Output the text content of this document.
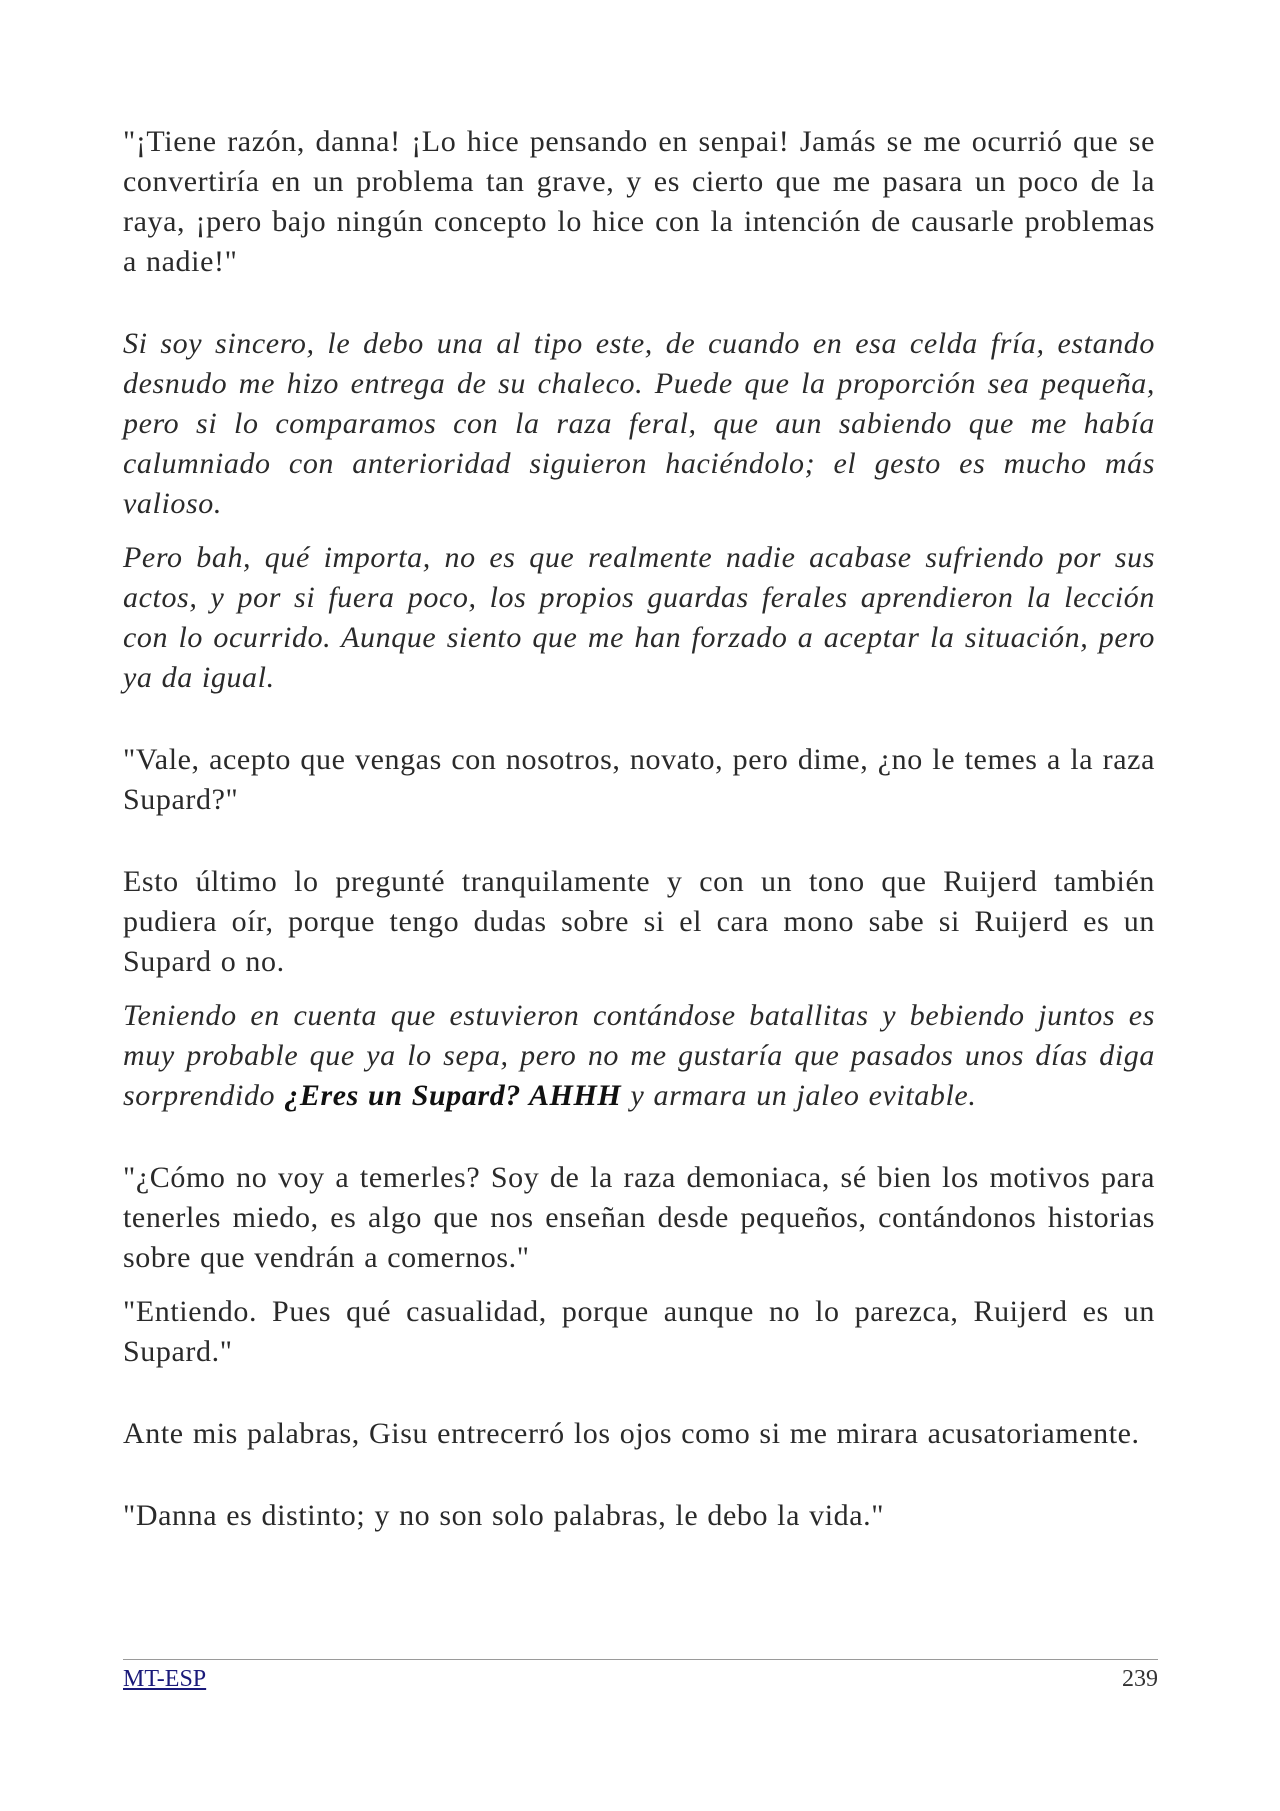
"¡Tiene razón, danna! ¡Lo hice pensando en senpai! Jamás se me ocurrió que se convertiría en un problema tan grave, y es cierto que me pasara un poco de la raya, ¡pero bajo ningún concepto lo hice con la intención de causarle problemas a nadie!"

Si soy sincero, le debo una al tipo este, de cuando en esa celda fría, estando desnudo me hizo entrega de su chaleco. Puede que la proporción sea pequeña, pero si lo comparamos con la raza feral, que aun sabiendo que me había calumniado con anterioridad siguieron haciéndolo; el gesto es mucho más valioso.

Pero bah, qué importa, no es que realmente nadie acabase sufriendo por sus actos, y por si fuera poco, los propios guardas ferales aprendieron la lección con lo ocurrido. Aunque siento que me han forzado a aceptar la situación, pero ya da igual.

"Vale, acepto que vengas con nosotros, novato, pero dime, ¿no le temes a la raza Supard?"

Esto último lo pregunté tranquilamente y con un tono que Ruijerd también pudiera oír, porque tengo dudas sobre si el cara mono sabe si Ruijerd es un Supard o no.

Teniendo en cuenta que estuvieron contándose batallitas y bebiendo juntos es muy probable que ya lo sepa, pero no me gustaría que pasados unos días diga sorprendido ¿Eres un Supard? AHHH y armara un jaleo evitable.

"¿Cómo no voy a temerles? Soy de la raza demoniaca, sé bien los motivos para tenerles miedo, es algo que nos enseñan desde pequeños, contándonos historias sobre que vendrán a comernos."

"Entiendo. Pues qué casualidad, porque aunque no lo parezca, Ruijerd es un Supard."

Ante mis palabras, Gisu entrecerró los ojos como si me mirara acusatoriamente.

"Danna es distinto; y no son solo palabras, le debo la vida."

MT-ESP	239
